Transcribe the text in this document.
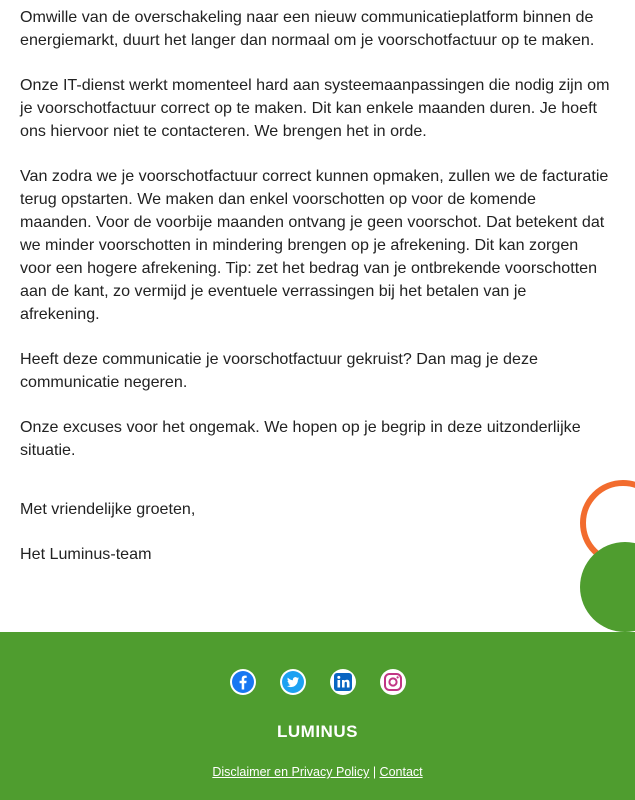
Omwille van de overschakeling naar een nieuw communicatieplatform binnen de energiemarkt, duurt het langer dan normaal om je voorschotfactuur op te maken.

Onze IT-dienst werkt momenteel hard aan systeemaanpassingen die nodig zijn om je voorschotfactuur correct op te maken. Dit kan enkele maanden duren. Je hoeft ons hiervoor niet te contacteren. We brengen het in orde.

Van zodra we je voorschotfactuur correct kunnen opmaken, zullen we de facturatie terug opstarten. We maken dan enkel voorschotten op voor de komende maanden. Voor de voorbije maanden ontvang je geen voorschot. Dat betekent dat we minder voorschotten in mindering brengen op je afrekening. Dit kan zorgen voor een hogere afrekening. Tip: zet het bedrag van je ontbrekende voorschotten aan de kant, zo vermijd je eventuele verrassingen bij het betalen van je afrekening.

Heeft deze communicatie je voorschotfactuur gekruist? Dan mag je deze communicatie negeren.

Onze excuses voor het ongemak. We hopen op je begrip in deze uitzonderlijke situatie.

Met vriendelijke groeten,

Het Luminus-team

LUMINUS
Disclaimer en Privacy Policy | Contact
